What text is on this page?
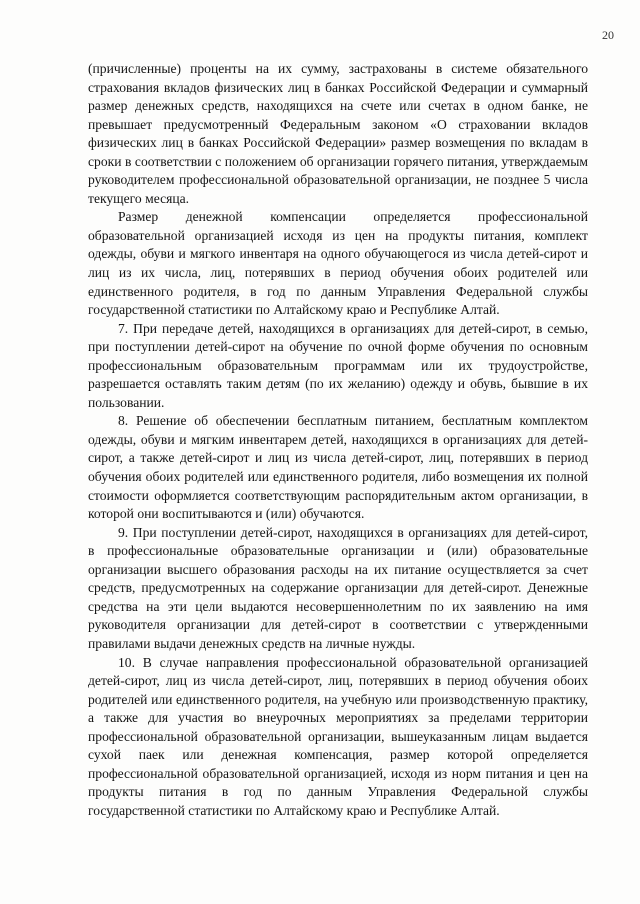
20

(причисленные) проценты на их сумму, застрахованы в системе обязательного страхования вкладов физических лиц в банках Российской Федерации и суммарный размер денежных средств, находящихся на счете или счетах в одном банке, не превышает предусмотренный Федеральным законом «О страховании вкладов физических лиц в банках Российской Федерации» размер возмещения по вкладам в сроки в соответствии с положением об организации горячего питания, утверждаемым руководителем профессиональной образовательной организации, не позднее 5 числа текущего месяца.

Размер денежной компенсации определяется профессиональной образовательной организацией исходя из цен на продукты питания, комплект одежды, обуви и мягкого инвентаря на одного обучающегося из числа детей-сирот и лиц из их числа, лиц, потерявших в период обучения обоих родителей или единственного родителя, в год по данным Управления Федеральной службы государственной статистики по Алтайскому краю и Республике Алтай.

7. При передаче детей, находящихся в организациях для детей-сирот, в семью, при поступлении детей-сирот на обучение по очной форме обучения по основным профессиональным образовательным программам или их трудоустройстве, разрешается оставлять таким детям (по их желанию) одежду и обувь, бывшие в их пользовании.

8. Решение об обеспечении бесплатным питанием, бесплатным комплектом одежды, обуви и мягким инвентарем детей, находящихся в организациях для детей-сирот, а также детей-сирот и лиц из числа детей-сирот, лиц, потерявших в период обучения обоих родителей или единственного родителя, либо возмещения их полной стоимости оформляется соответствующим распорядительным актом организации, в которой они воспитываются и (или) обучаются.

9. При поступлении детей-сирот, находящихся в организациях для детей-сирот, в профессиональные образовательные организации и (или) образовательные организации высшего образования расходы на их питание осуществляется за счет средств, предусмотренных на содержание организации для детей-сирот. Денежные средства на эти цели выдаются несовершеннолетним по их заявлению на имя руководителя организации для детей-сирот в соответствии с утвержденными правилами выдачи денежных средств на личные нужды.

10. В случае направления профессиональной образовательной организацией детей-сирот, лиц из числа детей-сирот, лиц, потерявших в период обучения обоих родителей или единственного родителя, на учебную или производственную практику, а также для участия во внеурочных мероприятиях за пределами территории профессиональной образовательной организации, вышеуказанным лицам выдается сухой паек или денежная компенсация, размер которой определяется профессиональной образовательной организацией, исходя из норм питания и цен на продукты питания в год по данным Управления Федеральной службы государственной статистики по Алтайскому краю и Республике Алтай.
